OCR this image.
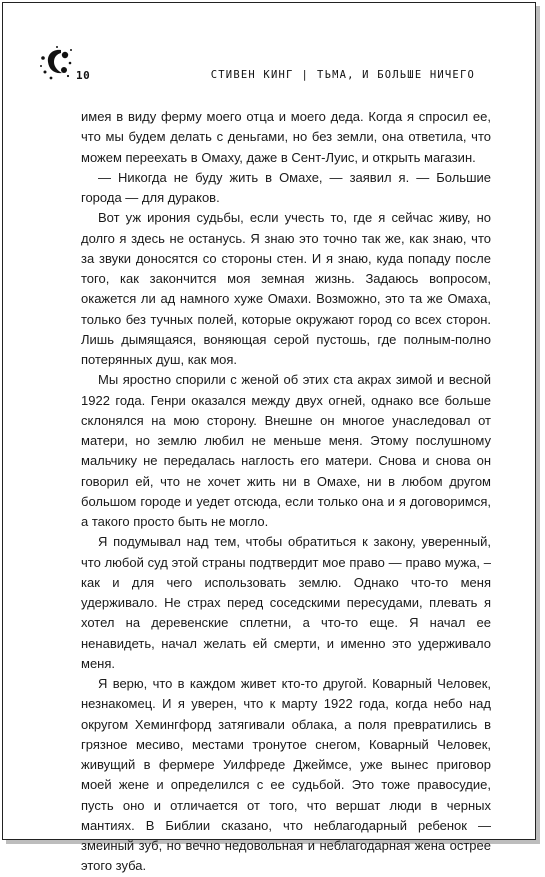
10	СТИВЕН КИНГ | ТЬМА, И БОЛЬШЕ НИЧЕГО

имея в виду ферму моего отца и моего деда. Когда я спросил ее, что мы будем делать с деньгами, но без земли, она ответила, что можем переехать в Омаху, даже в Сент-Луис, и открыть магазин.

— Никогда не буду жить в Омахе, — заявил я. — Большие города — для дураков.

Вот уж ирония судьбы, если учесть то, где я сейчас живу, но долго я здесь не останусь. Я знаю это точно так же, как знаю, что за звуки доносятся со стороны стен. И я знаю, куда попаду после того, как закончится моя земная жизнь. Задаюсь вопросом, окажется ли ад намного хуже Омахи. Возможно, это та же Омаха, только без тучных полей, которые окружают город со всех сторон. Лишь дымящаяся, воняющая серой пустошь, где полным-полно потерянных душ, как моя.

Мы яростно спорили с женой об этих ста акрах зимой и весной 1922 года. Генри оказался между двух огней, однако все больше склонялся на мою сторону. Внешне он многое унаследовал от матери, но землю любил не меньше меня. Этому послушному мальчику не передалась наглость его матери. Снова и снова он говорил ей, что не хочет жить ни в Омахе, ни в любом другом большом городе и уедет отсюда, если только она и я договоримся, а такого просто быть не могло.

Я подумывал над тем, чтобы обратиться к закону, уверенный, что любой суд этой страны подтвердит мое право — право мужа, – как и для чего использовать землю. Однако что-то меня удерживало. Не страх перед соседскими пересудами, плевать я хотел на деревенские сплетни, а что-то еще. Я начал ее ненавидеть, начал желать ей смерти, и именно это удерживало меня.

Я верю, что в каждом живет кто-то другой. Коварный Человек, незнакомец. И я уверен, что к марту 1922 года, когда небо над округом Хемингфорд затягивали облака, а поля превратились в грязное месиво, местами тронутое снегом, Коварный Человек, живущий в фермере Уилфреде Джеймсе, уже вынес приговор моей жене и определился с ее судьбой. Это тоже правосудие, пусть оно и отличается от того, что вершат люди в черных мантиях. В Библии сказано, что неблагодарный ребенок — змеиный зуб, но вечно недовольная и неблагодарная жена острее этого зуба.
